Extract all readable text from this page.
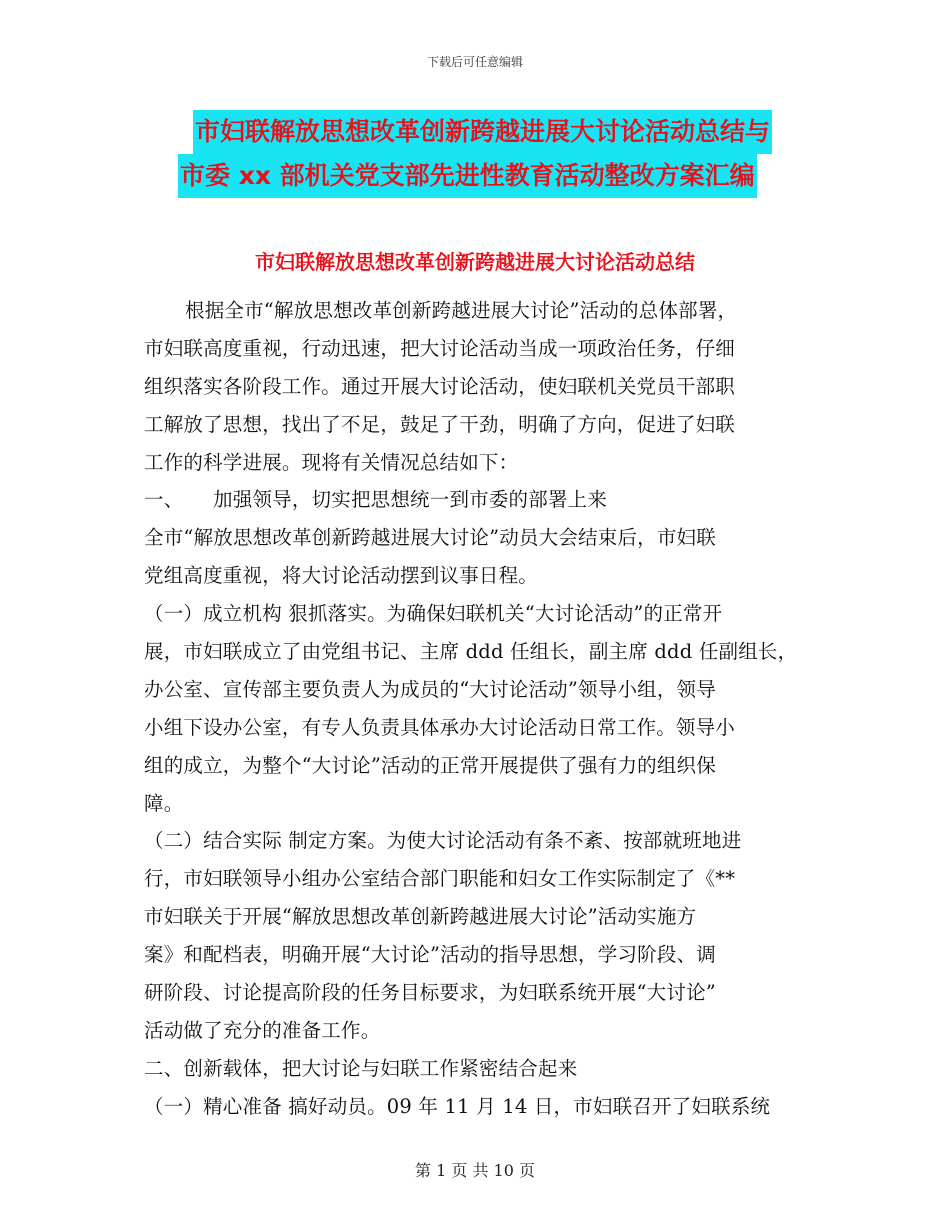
下载后可任意编辑
市妇联解放思想改革创新跨越进展大讨论活动总结与
市委 xx 部机关党支部先进性教育活动整改方案汇编
市妇联解放思想改革创新跨越进展大讨论活动总结
根据全市“解放思想改革创新跨越进展大讨论”活动的总体部署，
市妇联高度重视，行动迅速，把大讨论活动当成一项政治任务，仔细
组织落实各阶段工作。通过开展大讨论活动，使妇联机关党员干部职
工解放了思想，找出了不足，鼓足了干劲，明确了方向，促进了妇联
工作的科学进展。现将有关情况总结如下：
一、　　加强领导，切实把思想统一到市委的部署上来
全市“解放思想改革创新跨越进展大讨论”动员大会结束后，市妇联
党组高度重视，将大讨论活动摆到议事日程。
（一）成立机构 狠抓落实。为确保妇联机关“大讨论活动”的正常开
展，市妇联成立了由党组书记、主席 ddd 任组长，副主席 ddd 任副组长，
办公室、宣传部主要负责人为成员的“大讨论活动”领导小组，领导
小组下设办公室，有专人负责具体承办大讨论活动日常工作。领导小
组的成立，为整个“大讨论”活动的正常开展提供了强有力的组织保
障。
（二）结合实际 制定方案。为使大讨论活动有条不紊、按部就班地进
行，市妇联领导小组办公室结合部门职能和妇女工作实际制定了《**
市妇联关于开展“解放思想改革创新跨越进展大讨论”活动实施方
案》和配档表，明确开展“大讨论”活动的指导思想，学习阶段、调
研阶段、讨论提高阶段的任务目标要求，为妇联系统开展“大讨论”
活动做了充分的准备工作。
二、创新载体，把大讨论与妇联工作紧密结合起来
（一）精心准备 搞好动员。09 年 11 月 14 日，市妇联召开了妇联系统
第 1 页 共 10 页
